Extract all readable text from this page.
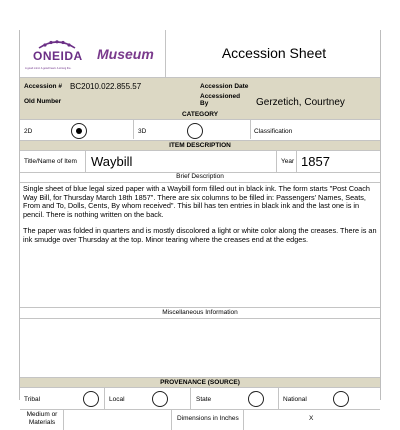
ONEIDA
A good mind. A good heart. A strong fire.
Museum	Accession Sheet
Accession # BC2010.022.855.57	Accession Date
Old Number
Accessioned By	Gerzetich, Courtney
CATEGORY
2D	3D	Classification
ITEM DESCRIPTION
Title/Name of Item Waybill	Year 1857
Brief Description

Single sheet of blue legal sized paper with a Waybill form filled out in black ink. The form starts "Post Coach Way Bill, for Thursday March 18th 1857". There are six columns to be filled in: Passengers' Names, Seats, From and To, Dolls, Cents, By whom received". This bill has ten entries in black ink and the last one is in pencil. There is nothing written on the back.

The paper was folded in quarters and is mostly discolored a light or white color along the creases. There is an ink smudge over Thursday at the top. Minor tearing where the creases end at the edges.

Miscellaneous Information
PROVENANCE (SOURCE)
Tribal	Local	State	National
Medium or Materials	Dimensions in Inches	X
